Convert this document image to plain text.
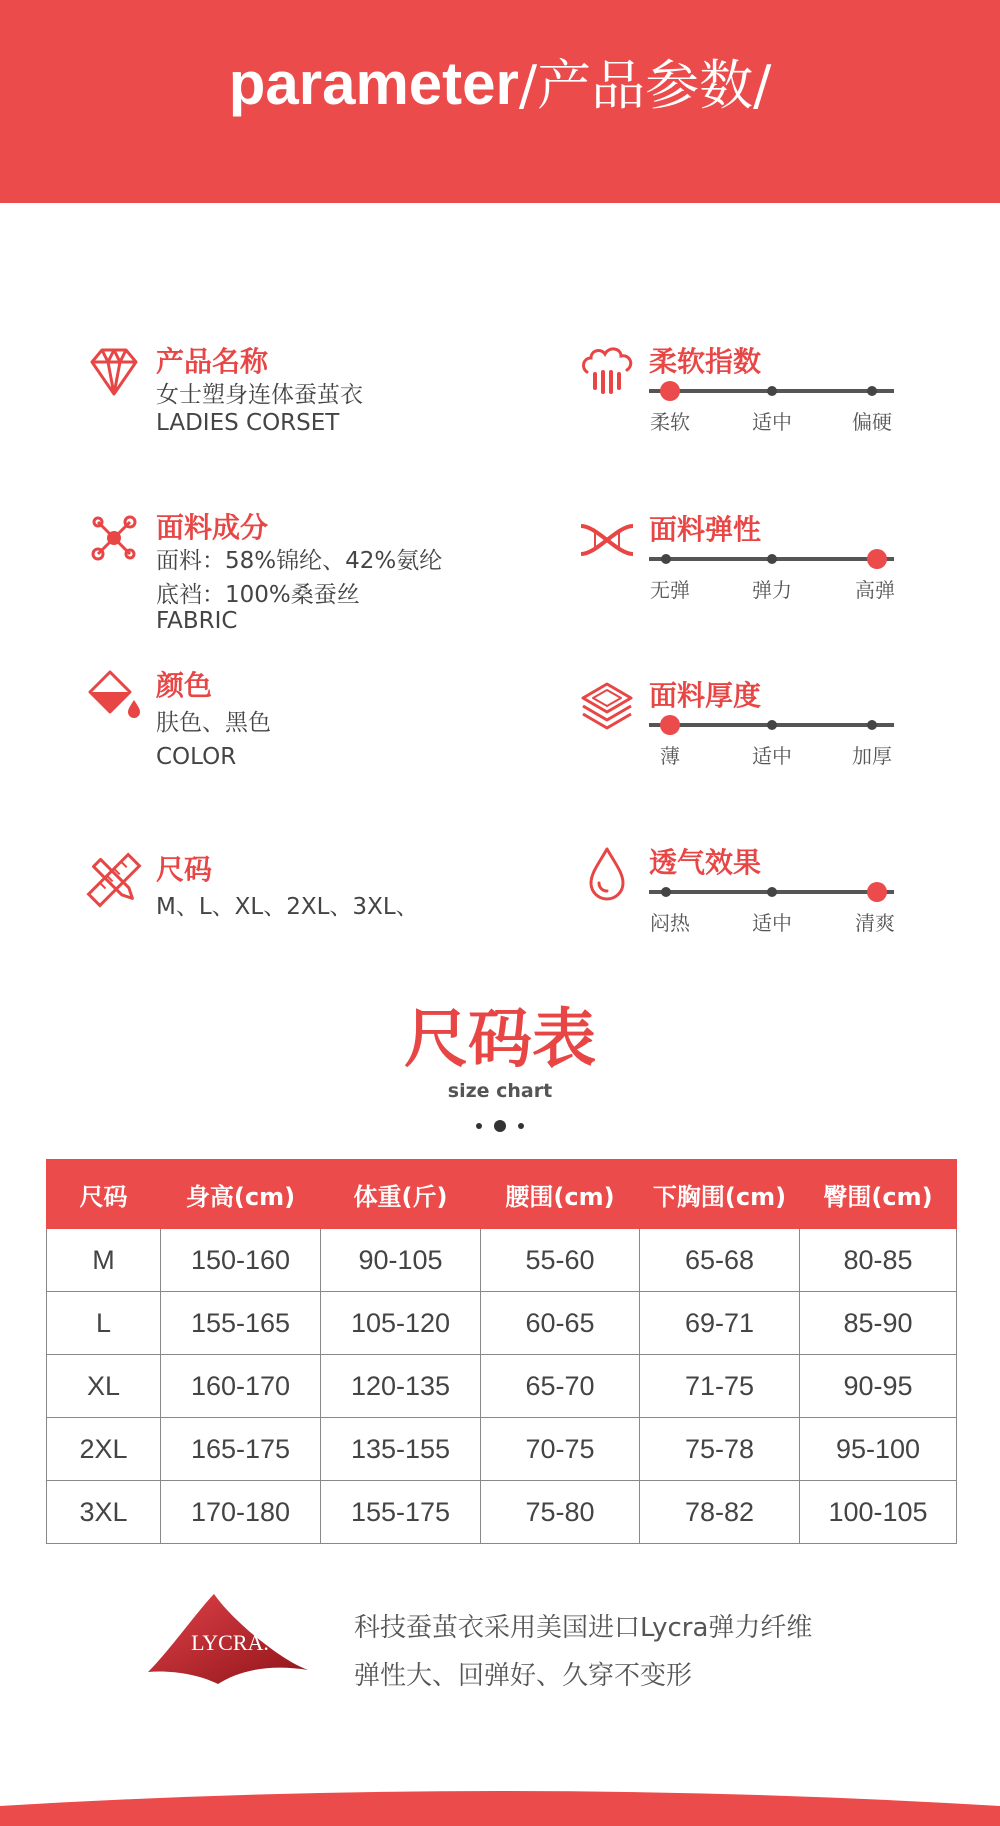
parameter/产品参数/
产品名称
女士塑身连体蚕茧衣
LADIES CORSET
面料成分
面料：58%锦纶、42%氨纶
底裆：100%桑蚕丝
FABRIC
颜色
肤色、黑色
COLOR
尺码
M、L、XL、2XL、3XL、
柔软指数
柔软	适中	偏硬
面料弹性
无弹	弹力	高弹
面料厚度
薄	适中	加厚
透气效果
闷热	适中	清爽
尺码表
size chart
尺码	身高(cm)	体重(斤)	腰围(cm)	下胸围(cm)	臀围(cm)
M	150-160	90-105	55-60	65-68	80-85
L	155-165	105-120	60-65	69-71	85-90
XL	160-170	120-135	65-70	71-75	90-95
2XL	165-175	135-155	70-75	75-78	95-100
3XL	170-180	155-175	75-80	78-82	100-105
LYCRA.	科技蚕茧衣采用美国进口Lycra弹力纤维
弹性大、回弹好、久穿不变形
